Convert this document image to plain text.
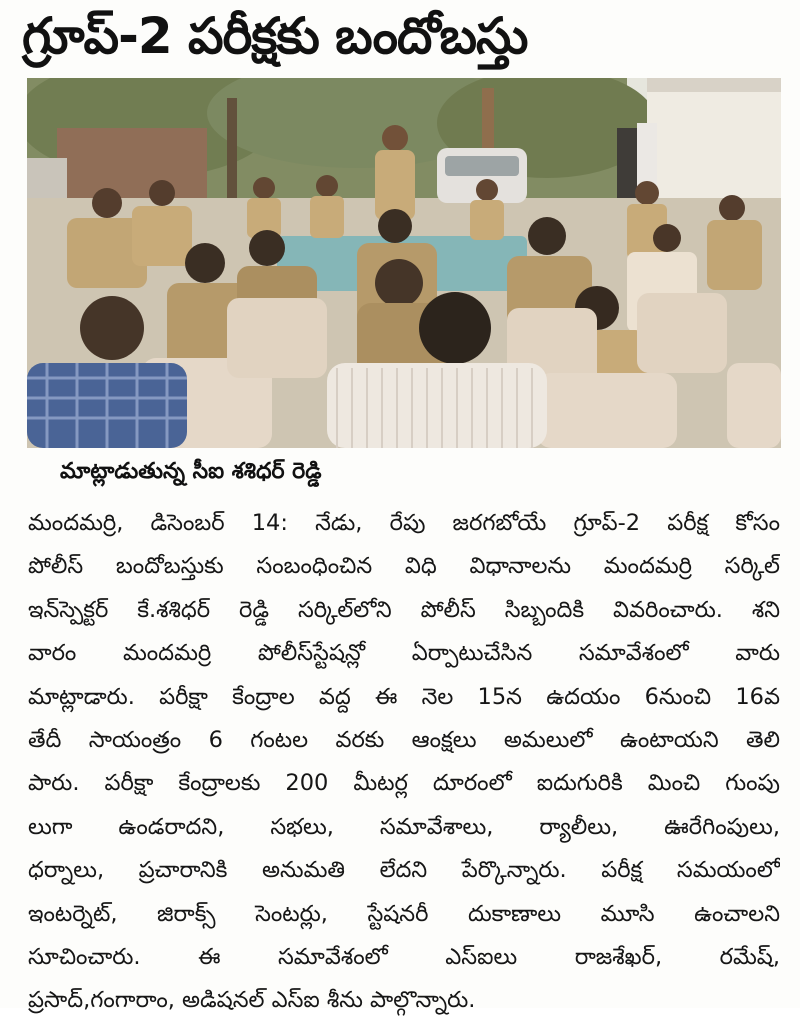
గ్రూప్-2 పరీక్షకు బందోబస్తు
మాట్లాడుతున్న సీఐ శశిధర్ రెడ్డి
మందమర్రి, డిసెంబర్ 14: నేడు, రేపు జరగబోయే గ్రూప్-2 పరీక్ష కోసం
పోలీస్ బందోబస్తుకు సంబంధించిన విధి విధానాలను మందమర్రి సర్కిల్
ఇన్‌స్పెక్టర్ కే.శశిధర్ రెడ్డి సర్కిల్‌లోని పోలీస్ సిబ్బందికి వివరించారు. శని
వారం మందమర్రి పోలీస్‌స్టేషన్లో ఏర్పాటుచేసిన సమావేశంలో వారు
మాట్లాడారు. పరీక్షా కేంద్రాల వద్ద ఈ నెల 15న ఉదయం 6నుంచి 16వ
తేదీ సాయంత్రం 6 గంటల వరకు ఆంక్షలు అమలులో ఉంటాయని తెలి
పారు. పరీక్షా కేంద్రాలకు 200 మీటర్ల దూరంలో ఐదుగురికి మించి గుంపు
లుగా ఉండరాదని, సభలు, సమావేశాలు, ర్యాలీలు, ఊరేగింపులు,
ధర్నాలు, ప్రచారానికి అనుమతి లేదని పేర్కొన్నారు. పరీక్ష సమయంలో
ఇంటర్నెట్, జిరాక్స్ సెంటర్లు, స్టేషనరీ దుకాణాలు మూసి ఉంచాలని
సూచించారు. ఈ సమావేశంలో ఎస్ఐలు రాజశేఖర్, రమేష్,
ప్రసాద్,గంగారాం, అడిషనల్ ఎస్ఐ శీను పాల్గొన్నారు.
